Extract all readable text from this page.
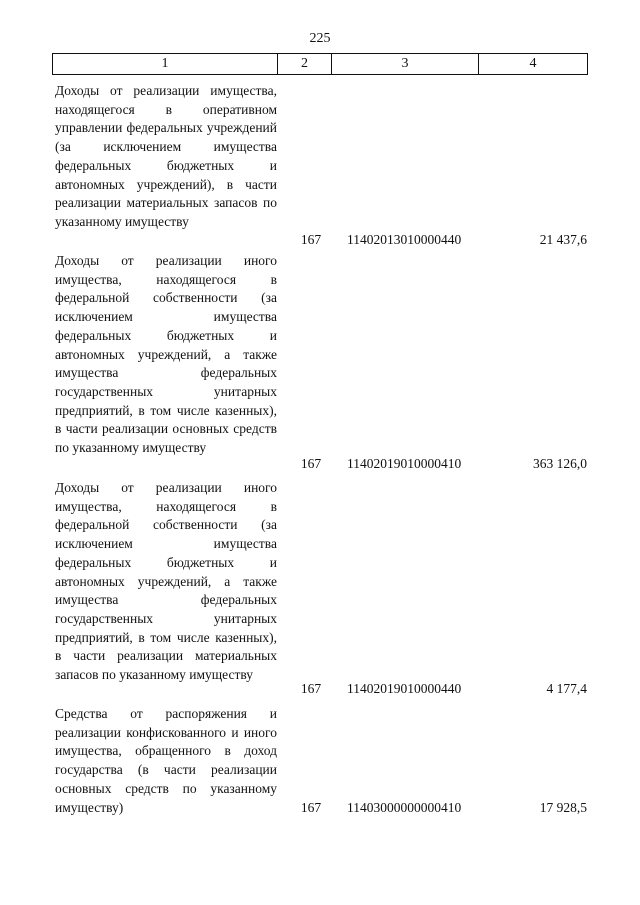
225
1	2	3	4
Доходы от реализации имущества, находящегося в оперативном управлении федеральных учреждений (за исключением имущества федеральных бюджетных и автономных учреждений), в части реализации материальных запасов по указанному имуществу
167 11402013010000440	21 437,6
Доходы от реализации иного имущества, находящегося в федеральной собственности (за исключением имущества федеральных бюджетных и автономных учреждений, а также имущества федеральных государственных унитарных предприятий, в том числе казенных), в части реализации основных средств по указанному имуществу
167 11402019010000410	363 126,0
Доходы от реализации иного имущества, находящегося в федеральной собственности (за исключением имущества федеральных бюджетных и автономных учреждений, а также имущества федеральных государственных унитарных предприятий, в том числе казенных), в части реализации материальных запасов по указанному имуществу
167 11402019010000440	4 177,4
Средства от распоряжения и реализации конфискованного и иного имущества, обращенного в доход государства (в части реализации основных средств по указанному имуществу)	167 11403000000000410	17 928,5
